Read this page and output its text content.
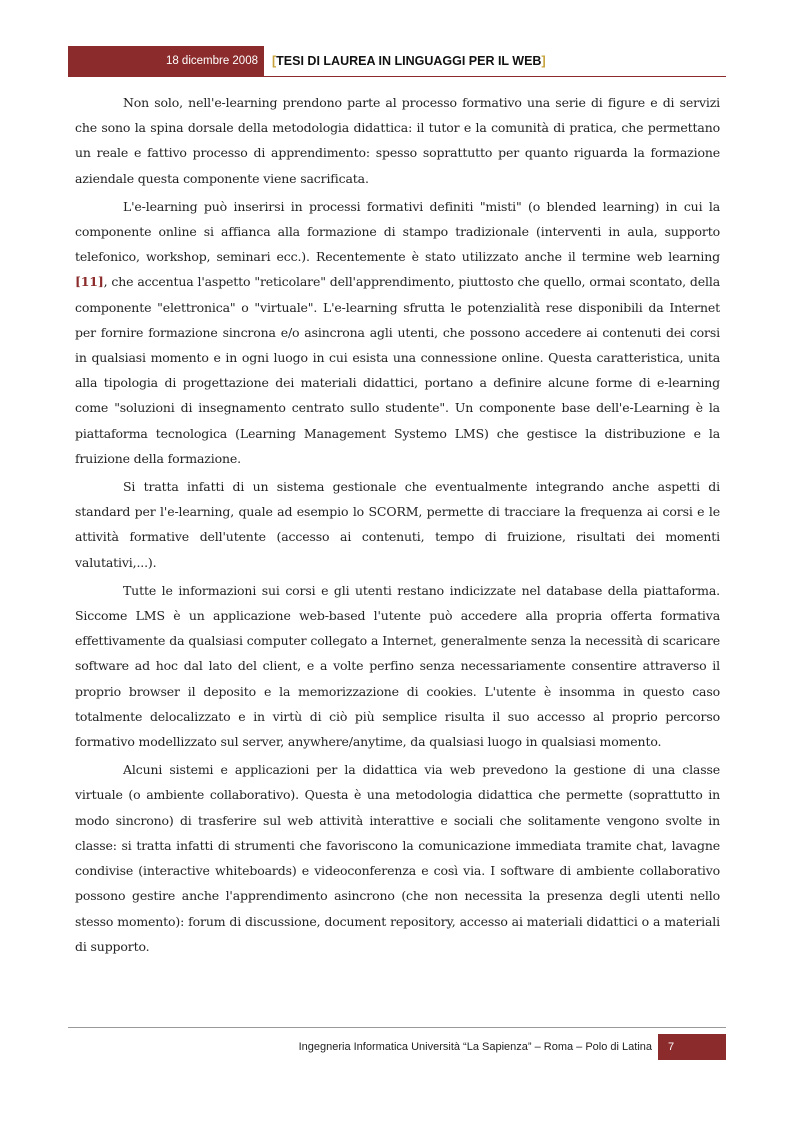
18 dicembre 2008 [TESI DI LAUREA IN LINGUAGGI PER IL WEB]

Non solo, nell'e-learning prendono parte al processo formativo una serie di figure e di servizi che sono la spina dorsale della metodologia didattica: il tutor e la comunità di pratica, che permettano un reale e fattivo processo di apprendimento: spesso soprattutto per quanto riguarda la formazione aziendale questa componente viene sacrificata.

L'e-learning può inserirsi in processi formativi definiti "misti" (o blended learning) in cui la componente online si affianca alla formazione di stampo tradizionale (interventi in aula, supporto telefonico, workshop, seminari ecc.). Recentemente è stato utilizzato anche il termine web learning [11], che accentua l'aspetto "reticolare" dell'apprendimento, piuttosto che quello, ormai scontato, della componente "elettronica" o "virtuale". L'e-learning sfrutta le potenzialità rese disponibili da Internet per fornire formazione sincrona e/o asincrona agli utenti, che possono accedere ai contenuti dei corsi in qualsiasi momento e in ogni luogo in cui esista una connessione online. Questa caratteristica, unita alla tipologia di progettazione dei materiali didattici, portano a definire alcune forme di e-learning come "soluzioni di insegnamento centrato sullo studente". Un componente base dell'e-Learning è la piattaforma tecnologica (Learning Management Systemo LMS) che gestisce la distribuzione e la fruizione della formazione.

Si tratta infatti di un sistema gestionale che eventualmente integrando anche aspetti di standard per l'e-learning, quale ad esempio lo SCORM, permette di tracciare la frequenza ai corsi e le attività formative dell'utente (accesso ai contenuti, tempo di fruizione, risultati dei momenti valutativi,...).

Tutte le informazioni sui corsi e gli utenti restano indicizzate nel database della piattaforma. Siccome LMS è un applicazione web-based l'utente può accedere alla propria offerta formativa effettivamente da qualsiasi computer collegato a Internet, generalmente senza la necessità di scaricare software ad hoc dal lato del client, e a volte perfino senza necessariamente consentire attraverso il proprio browser il deposito e la memorizzazione di cookies. L'utente è insomma in questo caso totalmente delocalizzato e in virtù di ciò più semplice risulta il suo accesso al proprio percorso formativo modellizzato sul server, anywhere/anytime, da qualsiasi luogo in qualsiasi momento.

Alcuni sistemi e applicazioni per la didattica via web prevedono la gestione di una classe virtuale (o ambiente collaborativo). Questa è una metodologia didattica che permette (soprattutto in modo sincrono) di trasferire sul web attività interattive e sociali che solitamente vengono svolte in classe: si tratta infatti di strumenti che favoriscono la comunicazione immediata tramite chat, lavagne condivise (interactive whiteboards) e videoconferenza e così via. I software di ambiente collaborativo possono gestire anche l'apprendimento asincrono (che non necessita la presenza degli utenti nello stesso momento): forum di discussione, document repository, accesso ai materiali didattici o a materiali di supporto.

Ingegneria Informatica Università “La Sapienza” – Roma – Polo di Latina 7
